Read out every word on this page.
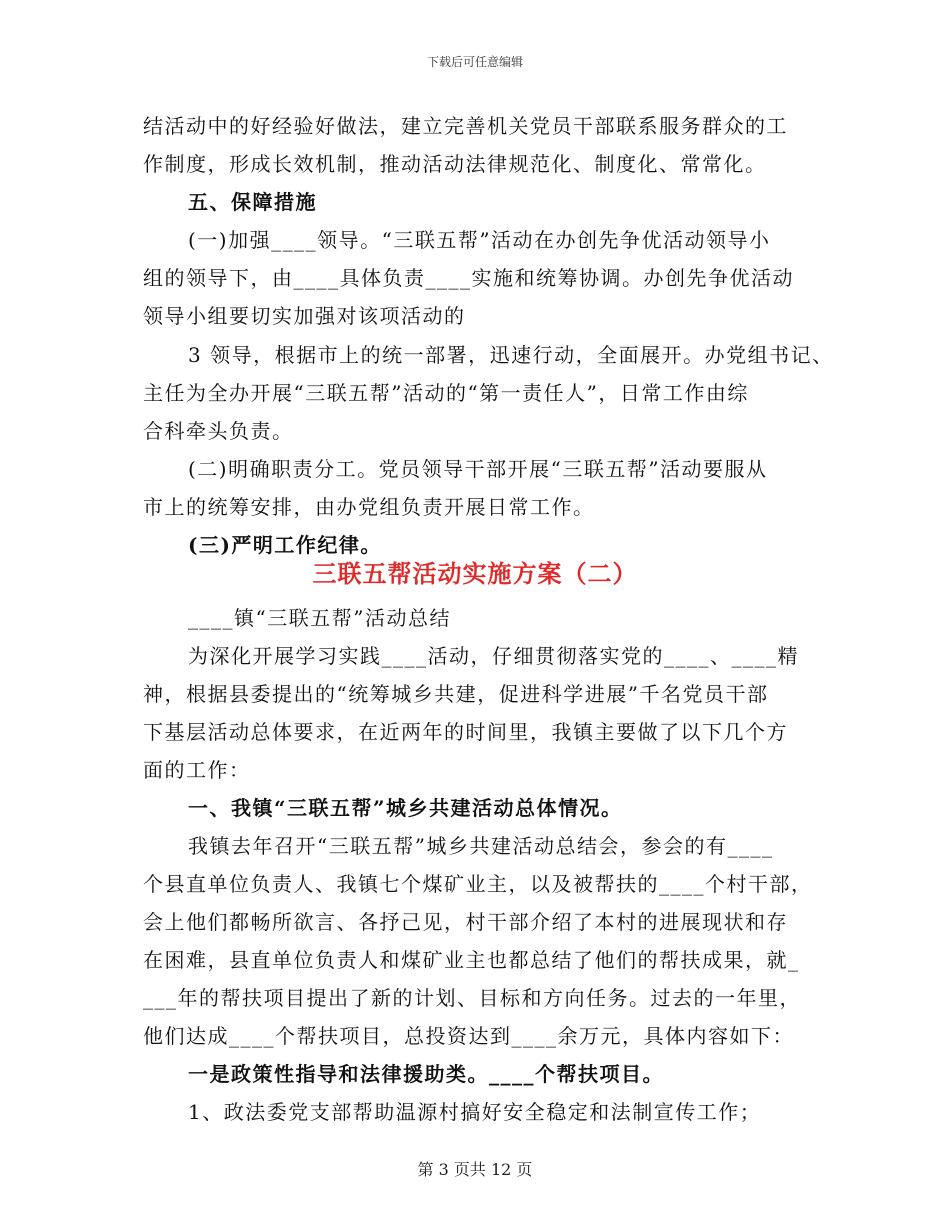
下载后可任意编辑
结活动中的好经验好做法，建立完善机关党员干部联系服务群众的工
作制度，形成长效机制，推动活动法律规范化、制度化、常常化。
五、保障措施
(一)加强____领导。“三联五帮”活动在办创先争优活动领导小
组的领导下，由____具体负责____实施和统筹协调。办创先争优活动
领导小组要切实加强对该项活动的
3 领导，根据市上的统一部署，迅速行动，全面展开。办党组书记、
主任为全办开展“三联五帮”活动的“第一责任人”，日常工作由综
合科牵头负责。
(二)明确职责分工。党员领导干部开展“三联五帮”活动要服从
市上的统筹安排，由办党组负责开展日常工作。
(三)严明工作纪律。
三联五帮活动实施方案（二）
____镇“三联五帮”活动总结
为深化开展学习实践____活动，仔细贯彻落实党的____、____精
神，根据县委提出的“统筹城乡共建，促进科学进展”千名党员干部
下基层活动总体要求，在近两年的时间里，我镇主要做了以下几个方
面的工作：
一、我镇“三联五帮”城乡共建活动总体情况。
我镇去年召开“三联五帮”城乡共建活动总结会，参会的有____
个县直单位负责人、我镇七个煤矿业主，以及被帮扶的____个村干部，
会上他们都畅所欲言、各抒己见，村干部介绍了本村的进展现状和存
在困难，县直单位负责人和煤矿业主也都总结了他们的帮扶成果，就_
___年的帮扶项目提出了新的计划、目标和方向任务。过去的一年里，
他们达成____个帮扶项目，总投资达到____余万元，具体内容如下：
一是政策性指导和法律援助类。____个帮扶项目。
1、政法委党支部帮助温源村搞好安全稳定和法制宣传工作；
第 3 页共 12 页
